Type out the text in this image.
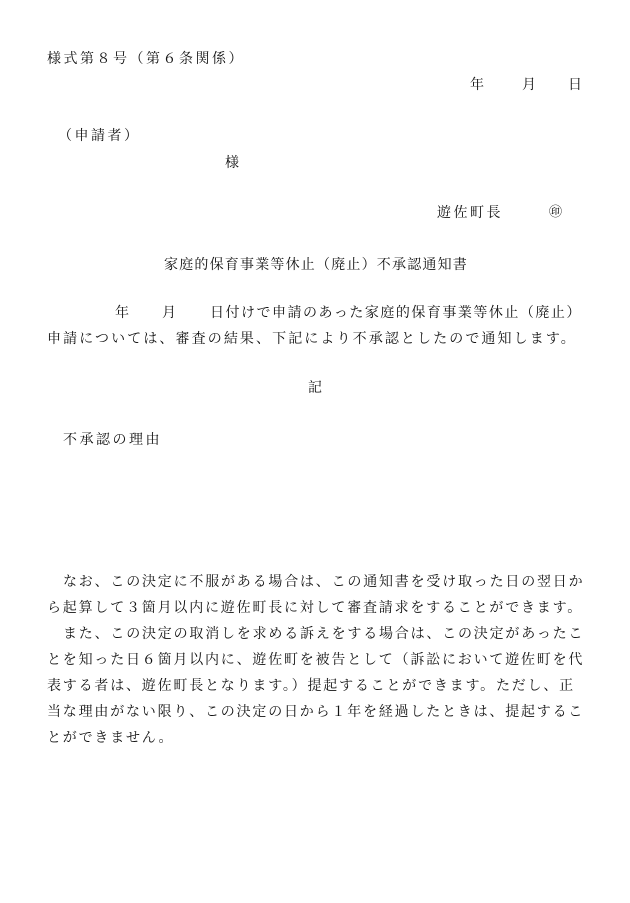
様式第８号（第６条関係）
年	月 日
（申請者）
様
遊佐町長	㊞
家庭的保育事業等休止（廃止）不承認通知書
年 月 日付けで申請のあった家庭的保育事業等休止（廃止）
申請については、審査の結果、下記により不承認としたので通知します。
記
不承認の理由

なお、この決定に不服がある場合は、この通知書を受け取った日の翌日から起算して３箇月以内に遊佐町長に対して審査請求をすることができます。

また、この決定の取消しを求める訴えをする場合は、この決定があったことを知った日６箇月以内に、遊佐町を被告として（訴訟において遊佐町を代表する者は、遊佐町長となります。）提起することができます。ただし、正当な理由がない限り、この決定の日から１年を経過したときは、提起することができません。
